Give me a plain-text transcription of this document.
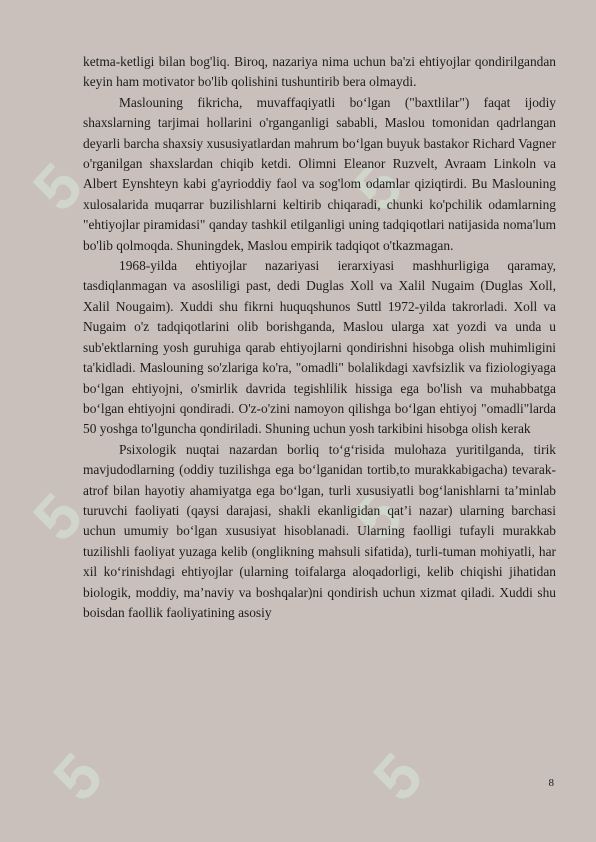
5	5
5	5
5	5

ketma-ketligi bilan bog'liq. Biroq, nazariya nima uchun ba'zi ehtiyojlar qondirilgandan keyin ham motivator bo'lib qolishini tushuntirib bera olmaydi.

Maslouning fikricha, muvaffaqiyatli bo‘lgan ("baxtlilar") faqat ijodiy shaxslarning tarjimai hollarini o'rganganligi sababli, Maslou tomonidan qadrlangan deyarli barcha shaxsiy xususiyatlardan mahrum bo‘lgan buyuk bastakor Richard Vagner o'rganilgan shaxslardan chiqib ketdi. Olimni Eleanor Ruzvelt, Avraam Linkoln va Albert Eynshteyn kabi g'ayrioddiy faol va sog'lom odamlar qiziqtirdi. Bu Maslouning xulosalarida muqarrar buzilishlarni keltirib chiqaradi, chunki ko'pchilik odamlarning "ehtiyojlar piramidasi" qanday tashkil etilganligi uning tadqiqotlari natijasida noma'lum bo'lib qolmoqda. Shuningdek, Maslou empirik tadqiqot o'tkazmagan.

1968-yilda ehtiyojlar nazariyasi ierarxiyasi mashhurligiga qaramay, tasdiqlanmagan va asosliligi past, dedi Duglas Xoll va Xalil Nugaim (Duglas Xoll, Xalil Nougaim). Xuddi shu fikrni huquqshunos Suttl 1972-yilda takrorladi. Xoll va Nugaim o'z tadqiqotlarini olib borishganda, Maslou ularga xat yozdi va unda u sub'ektlarning yosh guruhiga qarab ehtiyojlarni qondirishni hisobga olish muhimligini ta'kidladi. Maslouning so'zlariga ko'ra, "omadli" bolalikdagi xavfsizlik va fiziologiyaga bo‘lgan ehtiyojni, o'smirlik davrida tegishlilik hissiga ega bo'lish va muhabbatga bo‘lgan ehtiyojni qondiradi. O'z-o'zini namoyon qilishga bo‘lgan ehtiyoj "omadli"larda 50 yoshga to'lguncha qondiriladi. Shuning uchun yosh tarkibini hisobga olish kerak

Psixologik nuqtai nazardan borliq to‘g‘risida mulohaza yuritilganda, tirik mavjudodlarning (oddiy tuzilishga ega bo‘lganidan tortib,to murakkabigacha) tevarak- atrof bilan hayotiy ahamiyatga ega bo‘lgan, turli xususiyatli bog‘lanishlarni ta’minlab turuvchi faoliyati (qaysi darajasi, shakli ekanligidan qat’i nazar) ularning barchasi uchun umumiy bo‘lgan xususiyat hisoblanadi. Ularning faolligi tufayli murakkab tuzilishli faoliyat yuzaga kelib (onglikning mahsuli sifatida), turli-tuman mohiyatli, har xil ko‘rinishdagi ehtiyojlar (ularning toifalarga aloqadorligi, kelib chiqishi jihatidan biologik, moddiy, ma’naviy va boshqalar)ni qondirish uchun xizmat qiladi. Xuddi shu boisdan faollik faoliyatining asosiy

8
